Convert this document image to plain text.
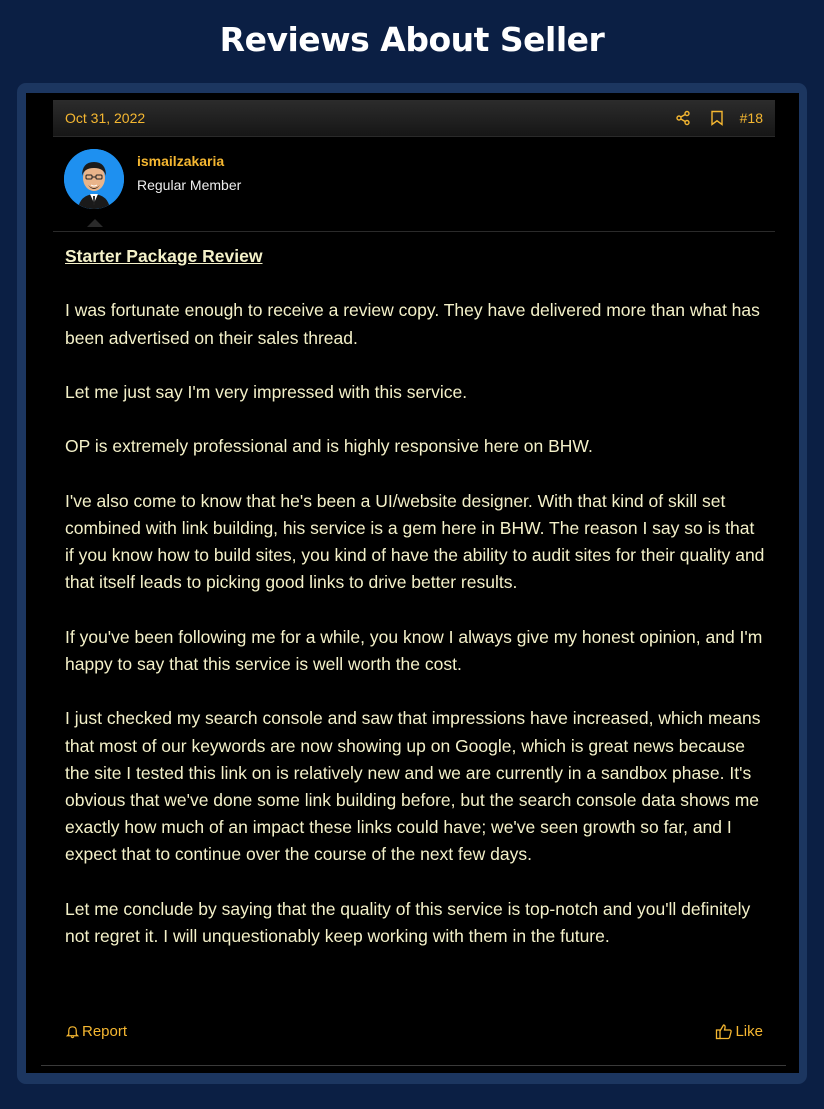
Reviews About Seller
Oct 31, 2022	#18
ismailzakaria
Regular Member

Starter Package Review

I was fortunate enough to receive a review copy. They have delivered more than what has been advertised on their sales thread.

Let me just say I'm very impressed with this service.

OP is extremely professional and is highly responsive here on BHW.

I've also come to know that he's been a UI/website designer. With that kind of skill set combined with link building, his service is a gem here in BHW. The reason I say so is that if you know how to build sites, you kind of have the ability to audit sites for their quality and that itself leads to picking good links to drive better results.

If you've been following me for a while, you know I always give my honest opinion, and I'm happy to say that this service is well worth the cost.

I just checked my search console and saw that impressions have increased, which means that most of our keywords are now showing up on Google, which is great news because the site I tested this link on is relatively new and we are currently in a sandbox phase. It's obvious that we've done some link building before, but the search console data shows me exactly how much of an impact these links could have; we've seen growth so far, and I expect that to continue over the course of the next few days.

Let me conclude by saying that the quality of this service is top-notch and you'll definitely not regret it. I will unquestionably keep working with them in the future.

Report	Like
